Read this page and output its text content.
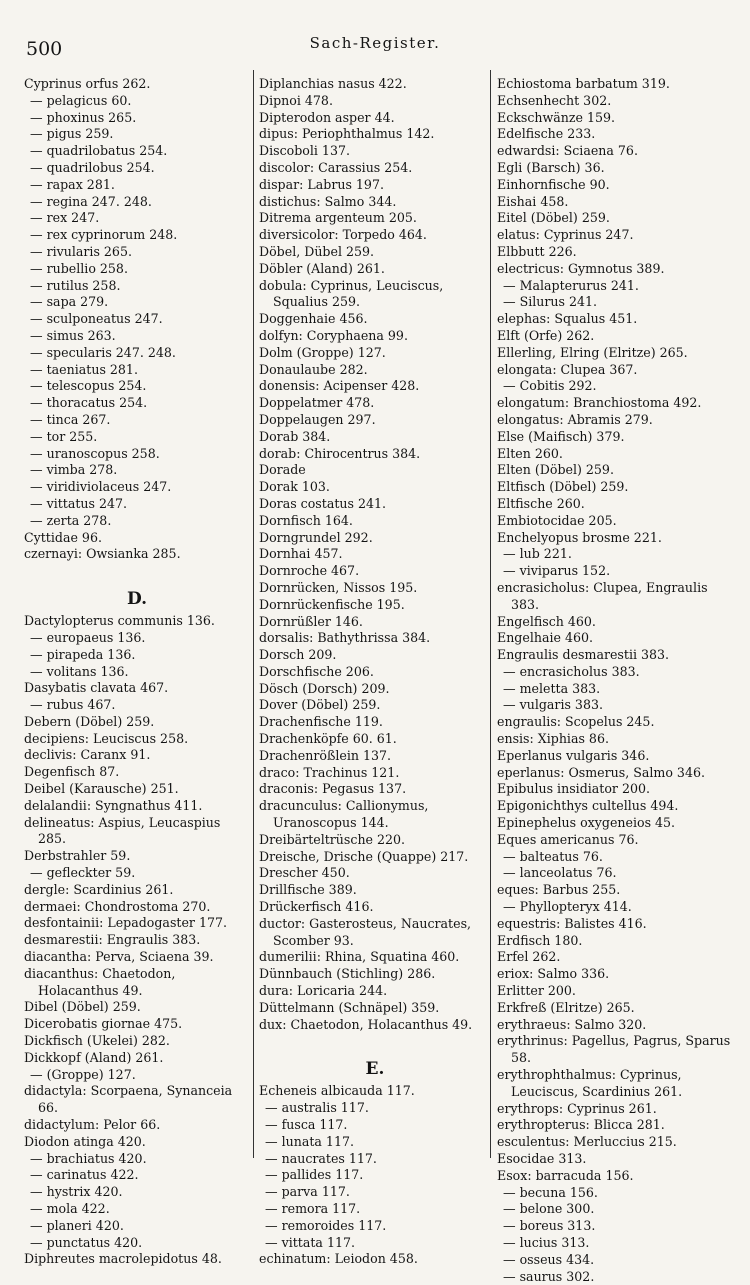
500	Sach-Register.
Cyprinus orfus 262.
— pelagicus 60.
— phoxinus 265.
— pigus 259.
— quadrilobatus 254.
— quadrilobus 254.
— rapax 281.
— regina 247. 248.
— rex 247.
— rex cyprinorum 248.
— rivularis 265.
— rubellio 258.
— rutilus 258.
— sapa 279.
— sculponeatus 247.
— simus 263.
— specularis 247. 248.
— taeniatus 281.
— telescopus 254.
— thoracatus 254.
— tinca 267.
— tor 255.
— uranoscopus 258.
— vimba 278.
— viridiviolaceus 247.
— vittatus 247.
— zerta 278.
Cyttidae 96.
czernayi: Owsianka 285.
D.
Dactylopterus communis 136.
— europaeus 136.
— pirapeda 136.
— volitans 136.
Dasybatis clavata 467.
— rubus 467.
Debern (Döbel) 259.
decipiens: Leuciscus 258.
declivis: Caranx 91.
Degenfisch 87.
Deibel (Karausche) 251.
delalandii: Syngnathus 411.
delineatus: Aspius, Leucaspius 285.
Derbstrahler 59.
— gefleckter 59.
dergle: Scardinius 261.
dermaei: Chondrostoma 270.
desfontainii: Lepadogaster 177.
desmarestii: Engraulis 383.
diacantha: Perva, Sciaena 39.
diacanthus: Chaetodon, Holacanthus 49.
Dibel (Döbel) 259.
Dicerobatis giornae 475.
Dickfisch (Ukelei) 282.
Dickkopf (Aland) 261.
— (Groppe) 127.
didactyla: Scorpaena, Synanceia 66.
didactylum: Pelor 66.
Diodon atinga 420.
— brachiatus 420.
— carinatus 422.
— hystrix 420.
— mola 422.
— planeri 420.
— punctatus 420.
Diphreutes macrolepidotus 48.
Diplanchias nasus 422.
Dipnoi 478.
Dipterodon asper 44.
dipus: Periophthalmus 142.
Discoboli 137.
discolor: Carassius 254.
dispar: Labrus 197.
distichus: Salmo 344.
Ditrema argenteum 205.
diversicolor: Torpedo 464.
Döbel, Dübel 259.
Döbler (Aland) 261.
dobula: Cyprinus, Leuciscus, Squalius 259.
Doggenhaie 456.
dolfyn: Coryphaena 99.
Dolm (Groppe) 127.
Donaulaube 282.
donensis: Acipenser 428.
Doppelatmer 478.
Doppelaugen 297.
Dorab 384.
dorab: Chirocentrus 384.
Dorade
Dorak 103.
Doras costatus 241.
Dornfisch 164.
Dorngrundel 292.
Dornhai 457.
Dornroche 467.
Dornrücken, Nissos 195.
Dornrückenfische 195.
Dornrüßler 146.
dorsalis: Bathythrissa 384.
Dorsch 209.
Dorschfische 206.
Dösch (Dorsch) 209.
Dover (Döbel) 259.
Drachenfische 119.
Drachenköpfe 60. 61.
Drachenrößlein 137.
draco: Trachinus 121.
draconis: Pegasus 137.
dracunculus: Callionymus, Uranoscopus 144.
Dreibärteltrüsche 220.
Dreische, Drische (Quappe) 217.
Drescher 450.
Drillfische 389.
Drückerfisch 416.
ductor: Gasterosteus, Naucrates, Scomber 93.
dumerilii: Rhina, Squatina 460.
Dünnbauch (Stichling) 286.
dura: Loricaria 244.
Düttelmann (Schnäpel) 359.
dux: Chaetodon, Holacanthus 49.
E.
Echeneis albicauda 117.
— australis 117.
— fusca 117.
— lunata 117.
— naucrates 117.
— pallides 117.
— parva 117.
— remora 117.
— remoroides 117.
— vittata 117.
echinatum: Leiodon 458.
Echiostoma barbatum 319.
Echsenhecht 302.
Eckschwänze 159.
Edelfische 233.
edwardsi: Sciaena 76.
Egli (Barsch) 36.
Einhornfische 90.
Eishai 458.
Eitel (Döbel) 259.
elatus: Cyprinus 247.
Elbbutt 226.
electricus: Gymnotus 389.
— Malapterurus 241.
— Silurus 241.
elephas: Squalus 451.
Elft (Orfe) 262.
Ellerling, Elring (Elritze) 265.
elongata: Clupea 367.
— Cobitis 292.
elongatum: Branchiostoma 492.
elongatus: Abramis 279.
Else (Maifisch) 379.
Elten 260.
Elten (Döbel) 259.
Eltfisch (Döbel) 259.
Eltfische 260.
Embiotocidae 205.
Enchelyopus brosme 221.
— lub 221.
— viviparus 152.
encrasicholus: Clupea, Engraulis 383.
Engelfisch 460.
Engelhaie 460.
Engraulis desmarestii 383.
— encrasicholus 383.
— meletta 383.
— vulgaris 383.
engraulis: Scopelus 245.
ensis: Xiphias 86.
Eperlanus vulgaris 346.
eperlanus: Osmerus, Salmo 346.
Epibulus insidiator 200.
Epigonichthys cultellus 494.
Epinephelus oxygeneios 45.
Eques americanus 76.
— balteatus 76.
— lanceolatus 76.
eques: Barbus 255.
— Phyllopteryx 414.
equestris: Balistes 416.
Erdfisch 180.
Erfel 262.
eriox: Salmo 336.
Erlitter 200.
Erkfreß (Elritze) 265.
erythraeus: Salmo 320.
erythrinus: Pagellus, Pagrus, Sparus 58.
erythrophthalmus: Cyprinus, Leuciscus, Scardinius 261.
erythrops: Cyprinus 261.
erythropterus: Blicca 281.
esculentus: Merluccius 215.
Esocidae 313.
Esox: barracuda 156.
— becuna 156.
— belone 300.
— boreus 313.
— lucius 313.
— osseus 434.
— saurus 302.
